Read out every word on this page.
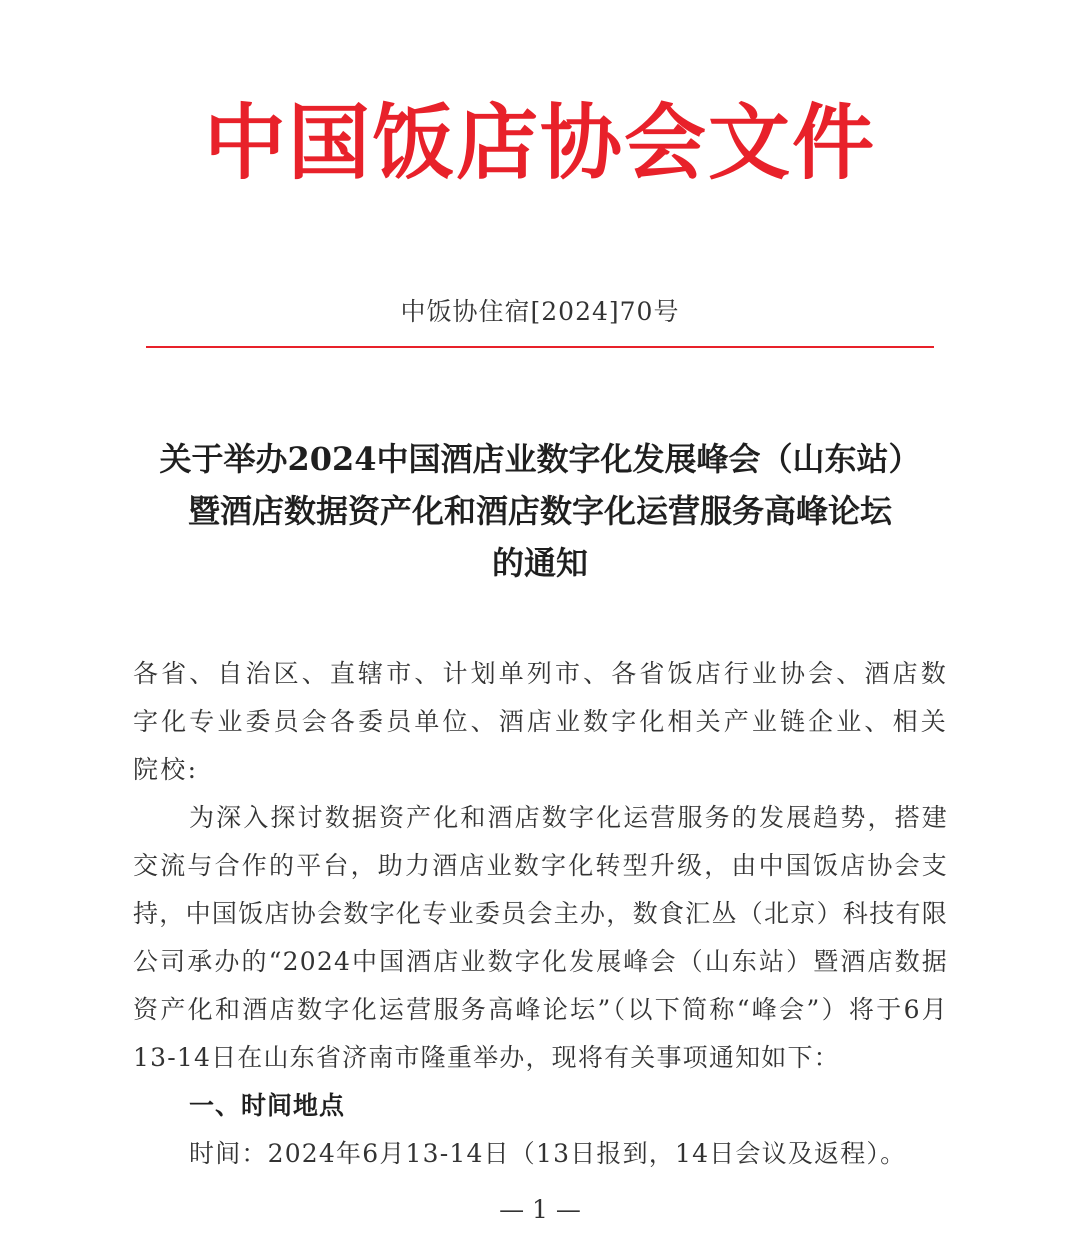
中国饭店协会文件
中饭协住宿[2024]70号
关于举办2024中国酒店业数字化发展峰会（山东站）
暨酒店数据资产化和酒店数字化运营服务高峰论坛
的通知

各省、自治区、直辖市、计划单列市、各省饭店行业协会、酒店数字化专业委员会各委员单位、酒店业数字化相关产业链企业、相关院校:

为深入探讨数据资产化和酒店数字化运营服务的发展趋势，搭建交流与合作的平台，助力酒店业数字化转型升级，由中国饭店协会支持，中国饭店协会数字化专业委员会主办，数食汇丛（北京）科技有限公司承办的“2024中国酒店业数字化发展峰会（山东站）暨酒店数据资产化和酒店数字化运营服务高峰论坛”（以下简称“峰会”）将于6月13-14日在山东省济南市隆重举办，现将有关事项通知如下：

一、时间地点

时间：2024年6月13-14日（13日报到，14日会议及返程）。

— 1 —
